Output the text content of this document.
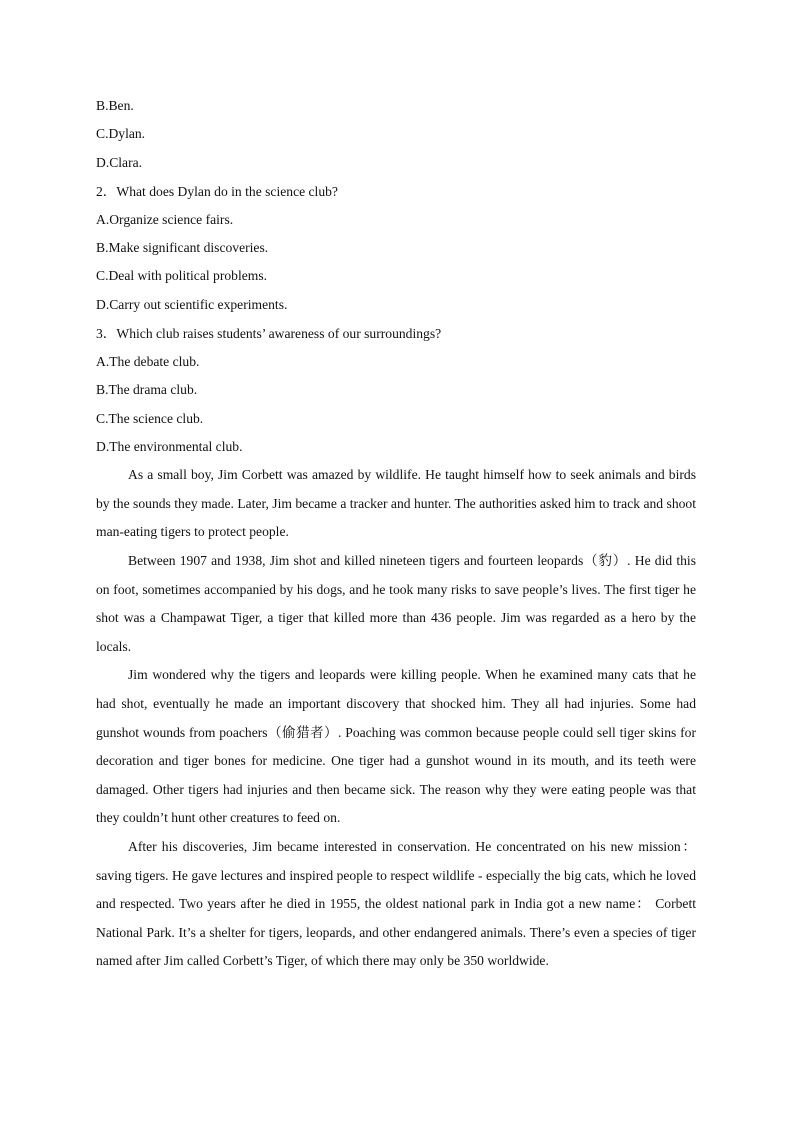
B.Ben.
C.Dylan.
D.Clara.
2．What does Dylan do in the science club?
A.Organize science fairs.
B.Make significant discoveries.
C.Deal with political problems.
D.Carry out scientific experiments.
3．Which club raises students’ awareness of our surroundings?
A.The debate club.
B.The drama club.
C.The science club.
D.The environmental club.

As a small boy, Jim Corbett was amazed by wildlife. He taught himself how to seek animals and birds by the sounds they made. Later, Jim became a tracker and hunter. The authorities asked him to track and shoot man-eating tigers to protect people.

Between 1907 and 1938, Jim shot and killed nineteen tigers and fourteen leopards（豹）. He did this on foot, sometimes accompanied by his dogs, and he took many risks to save people’s lives. The first tiger he shot was a Champawat Tiger, a tiger that killed more than 436 people. Jim was regarded as a hero by the locals.

Jim wondered why the tigers and leopards were killing people. When he examined many cats that he had shot, eventually he made an important discovery that shocked him. They all had injuries. Some had gunshot wounds from poachers（偷猎者）. Poaching was common because people could sell tiger skins for decoration and tiger bones for medicine. One tiger had a gunshot wound in its mouth, and its teeth were damaged. Other tigers had injuries and then became sick. The reason why they were eating people was that they couldn’t hunt other creatures to feed on.

After his discoveries, Jim became interested in conservation. He concentrated on his new mission： saving tigers. He gave lectures and inspired people to respect wildlife - especially the big cats, which he loved and respected. Two years after he died in 1955, the oldest national park in India got a new name： Corbett National Park. It’s a shelter for tigers, leopards, and other endangered animals. There’s even a species of tiger named after Jim called Corbett’s Tiger, of which there may only be 350 worldwide.
